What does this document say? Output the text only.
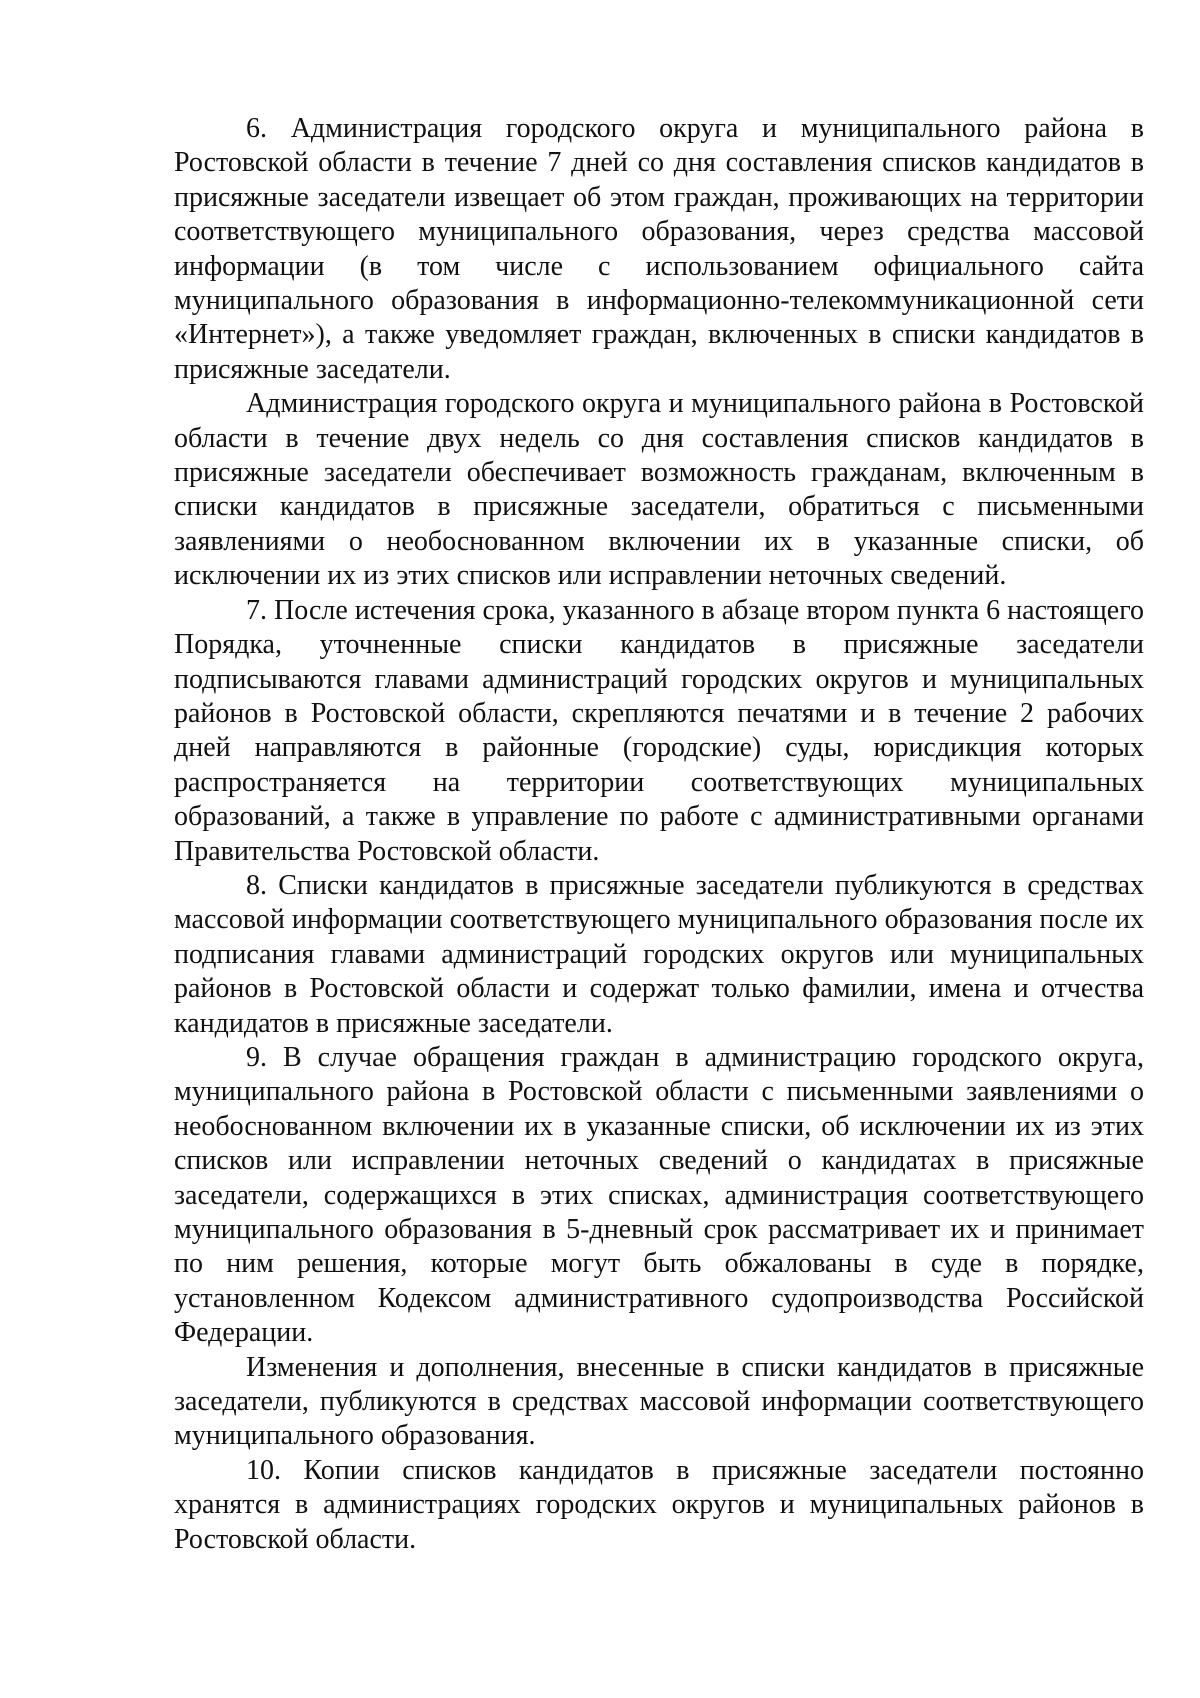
6. Администрация городского округа и муниципального района в Ростовской области в течение 7 дней со дня составления списков кандидатов в присяжные заседатели извещает об этом граждан, проживающих на территории соответствующего муниципального образования, через средства массовой информации (в том числе с использованием официального сайта муниципального образования в информационно-телекоммуникационной сети «Интернет»), а также уведомляет граждан, включенных в списки кандидатов в присяжные заседатели.

Администрация городского округа и муниципального района в Ростовской области в течение двух недель со дня составления списков кандидатов в присяжные заседатели обеспечивает возможность гражданам, включенным в списки кандидатов в присяжные заседатели, обратиться с письменными заявлениями о необоснованном включении их в указанные списки, об исключении их из этих списков или исправлении неточных сведений.

7. После истечения срока, указанного в абзаце втором пункта 6 настоящего Порядка, уточненные списки кандидатов в присяжные заседатели подписываются главами администраций городских округов и муниципальных районов в Ростовской области, скрепляются печатями и в течение 2 рабочих дней направляются в районные (городские) суды, юрисдикция которых распространяется на территории соответствующих муниципальных образований, а также в управление по работе с административными органами Правительства Ростовской области.

8. Списки кандидатов в присяжные заседатели публикуются в средствах массовой информации соответствующего муниципального образования после их подписания главами администраций городских округов или муниципальных районов в Ростовской области и содержат только фамилии, имена и отчества кандидатов в присяжные заседатели.

9. В случае обращения граждан в администрацию городского округа, муниципального района в Ростовской области с письменными заявлениями о необоснованном включении их в указанные списки, об исключении их из этих списков или исправлении неточных сведений о кандидатах в присяжные заседатели, содержащихся в этих списках, администрация соответствующего муниципального образования в 5-дневный срок рассматривает их и принимает по ним решения, которые могут быть обжалованы в суде в порядке, установленном Кодексом административного судопроизводства Российской Федерации.

Изменения и дополнения, внесенные в списки кандидатов в присяжные заседатели, публикуются в средствах массовой информации соответствующего муниципального образования.

10. Копии списков кандидатов в присяжные заседатели постоянно хранятся в администрациях городских округов и муниципальных районов в Ростовской области.
